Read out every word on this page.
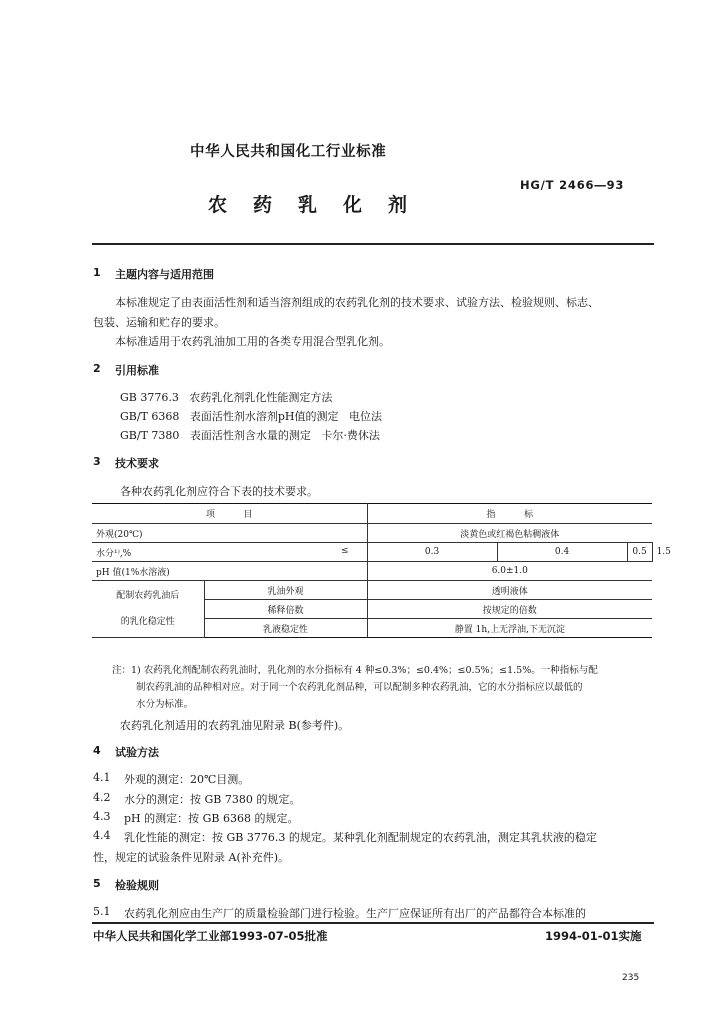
中华人民共和国化工行业标准
HG/T 2466―93
农药乳化剂
1 主题内容与适用范围
本标准规定了由表面活性剂和适当溶剂组成的农药乳化剂的技术要求、试验方法、检验规则、标志、
包装、运输和贮存的要求。
本标准适用于农药乳油加工用的各类专用混合型乳化剂。
2 引用标准
GB 3776.3   农药乳化剂乳化性能测定方法
GB/T 6368   表面活性剂水溶剂pH值的测定   电位法
GB/T 7380   表面活性剂含水量的测定   卡尔·费休法
3 技术要求
各种农药乳化剂应符合下表的技术要求。
项          目		指          标			
外观(20℃)		淡黄色或红褐色粘稠液体			
水分¹⁾,% ≤		0.3	0.4	0.5	1.5
pH 值(1%水溶液)		6.0±1.0			

配制农药乳油后
的乳化稳定性	乳油外观	透明液体			
	稀释倍数	按规定的倍数			
	乳液稳定性	静置 1h,上无浮油,下无沉淀			
注：1) 农药乳化剂配制农药乳油时，乳化剂的水分指标有 4 种≤0.3%；≤0.4%；≤0.5%；≤1.5%。一种指标与配
制农药乳油的品种相对应。对于同一个农药乳化剂品种，可以配制多种农药乳油，它的水分指标应以最低的
水分为标准。
农药乳化剂适用的农药乳油见附录 B(参考件)。
4 试验方法
4.1 外观的测定：20℃目测。
4.2 水分的测定：按 GB 7380 的规定。
4.3 pH 的测定：按 GB 6368 的规定。
4.4 乳化性能的测定：按 GB 3776.3 的规定。某种乳化剂配制规定的农药乳油，测定其乳状液的稳定
性，规定的试验条件见附录 A(补充件)。
5 检验规则
5.1 农药乳化剂应由生产厂的质量检验部门进行检验。生产厂应保证所有出厂的产品都符合本标准的
中华人民共和国化学工业部1993-07-05批准	1994-01-01实施
235
